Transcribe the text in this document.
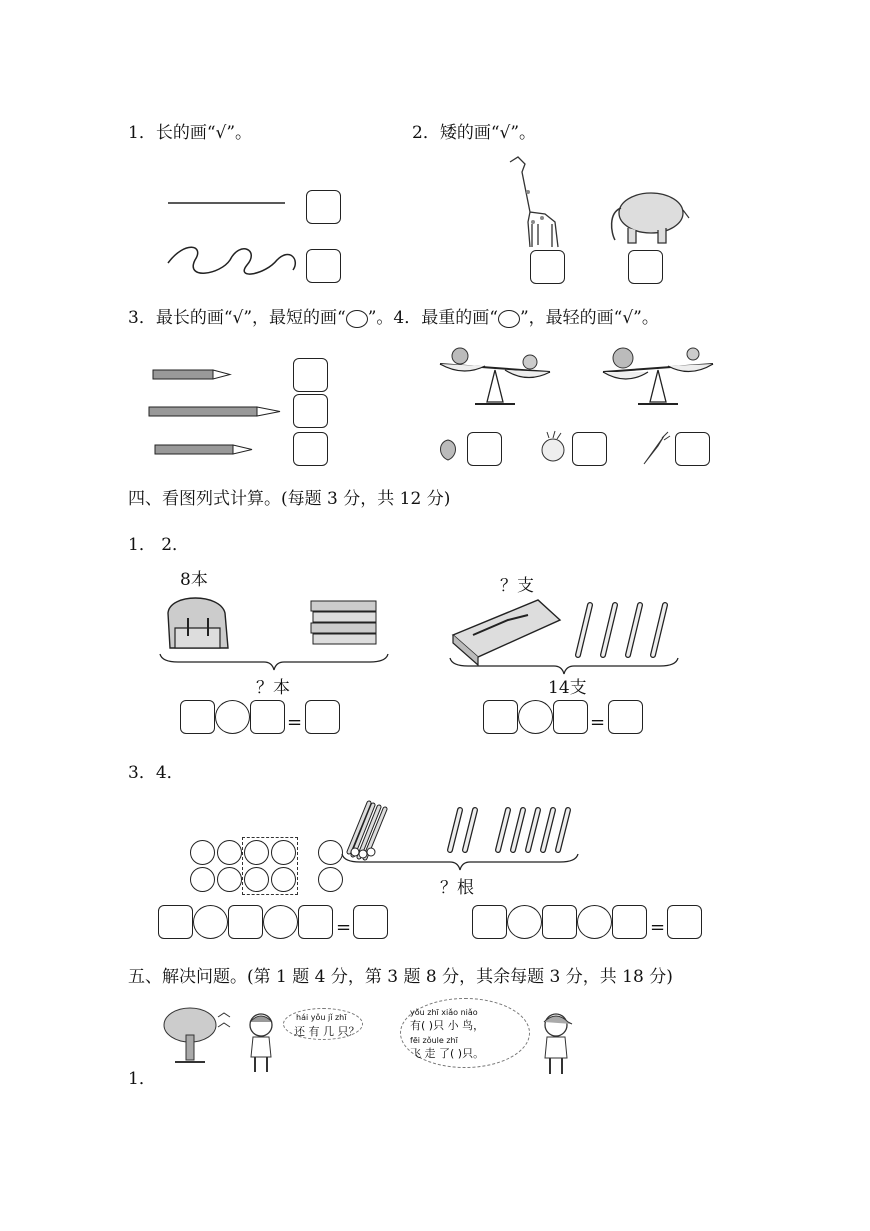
1．长的画“√”。	2．矮的画“√”。
3．最长的画“√”，最短的画“ ”。4．最重的画“ ”，最轻的画“√”。
四、看图列式计算。(每题 3 分，共 12 分)
1． 2．
8本
？本
=
？支
14支
=
3．4．
？根
=	=
五、解决问题。(第 1 题 4 分，第 3 题 8 分，其余每题 3 分，共 18 分)
hái yǒu jǐ zhī
还 有 几 只？
yǒu zhī xiǎo niǎo
有( )只 小 鸟，
fēi zǒule zhī
飞 走 了( )只。
1．
